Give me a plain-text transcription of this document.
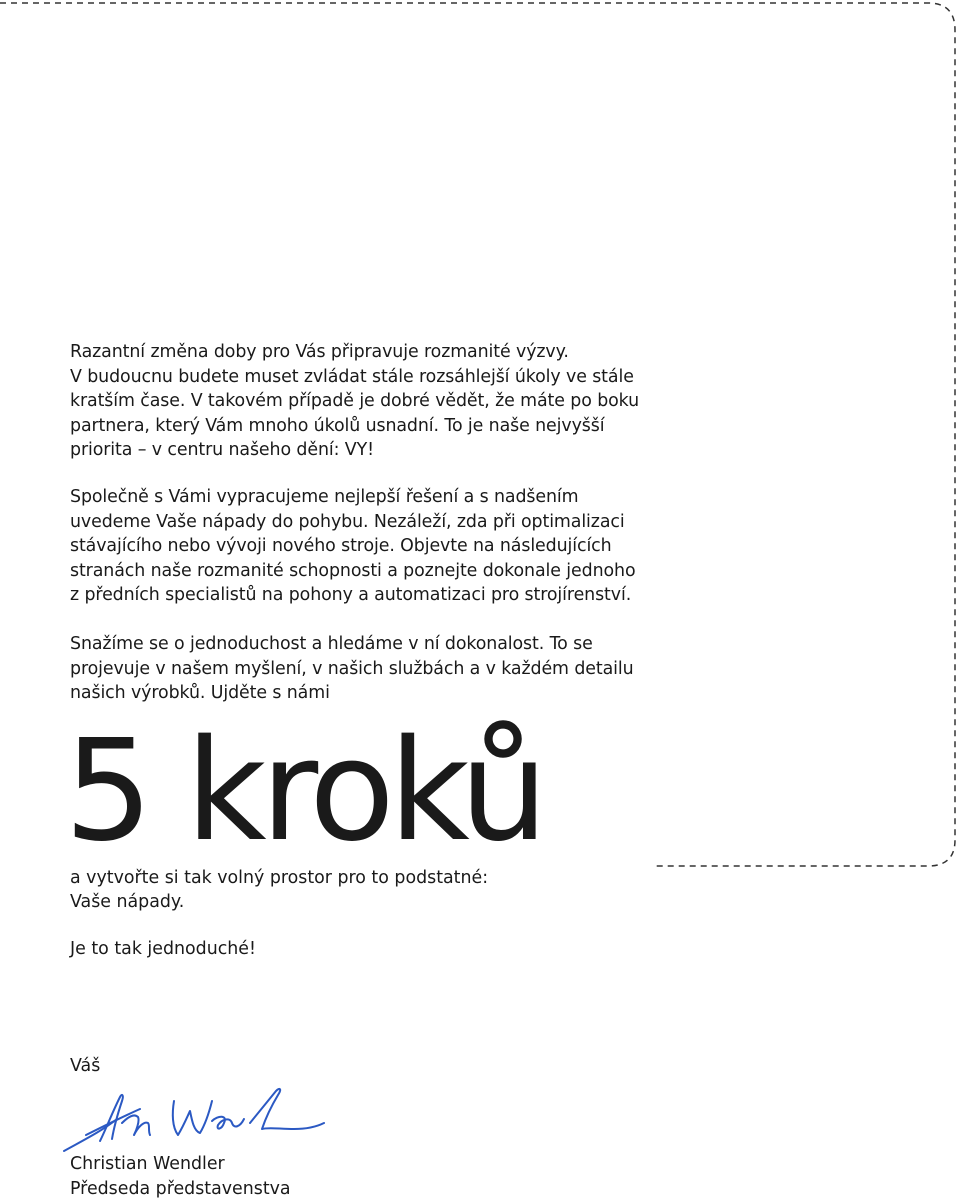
Razantní změna doby pro Vás připravuje rozmanité výzvy.
V budoucnu budete muset zvládat stále rozsáhlejší úkoly ve stále
kratším čase. V takovém případě je dobré vědět, že máte po boku
partnera, který Vám mnoho úkolů usnadní. To je naše nejvyšší
priorita – v centru našeho dění: VY!

Společně s Vámi vypracujeme nejlepší řešení a s nadšením
uvedeme Vaše nápady do pohybu. Nezáleží, zda při optimalizaci
stávajícího nebo vývoji nového stroje. Objevte na následujících
stranách naše rozmanité schopnosti a poznejte dokonale jednoho
z předních specialistů na pohony a automatizaci pro strojírenství.

Snažíme se o jednoduchost a hledáme v ní dokonalost. To se
projevuje v našem myšlení, v našich službách a v každém detailu
našich výrobků. Ujděte s námi

5 kroků
a vytvořte si tak volný prostor pro to podstatné:
Vaše nápady.
Je to tak jednoduché!
Váš
Christian Wendler
Předseda představenstva
